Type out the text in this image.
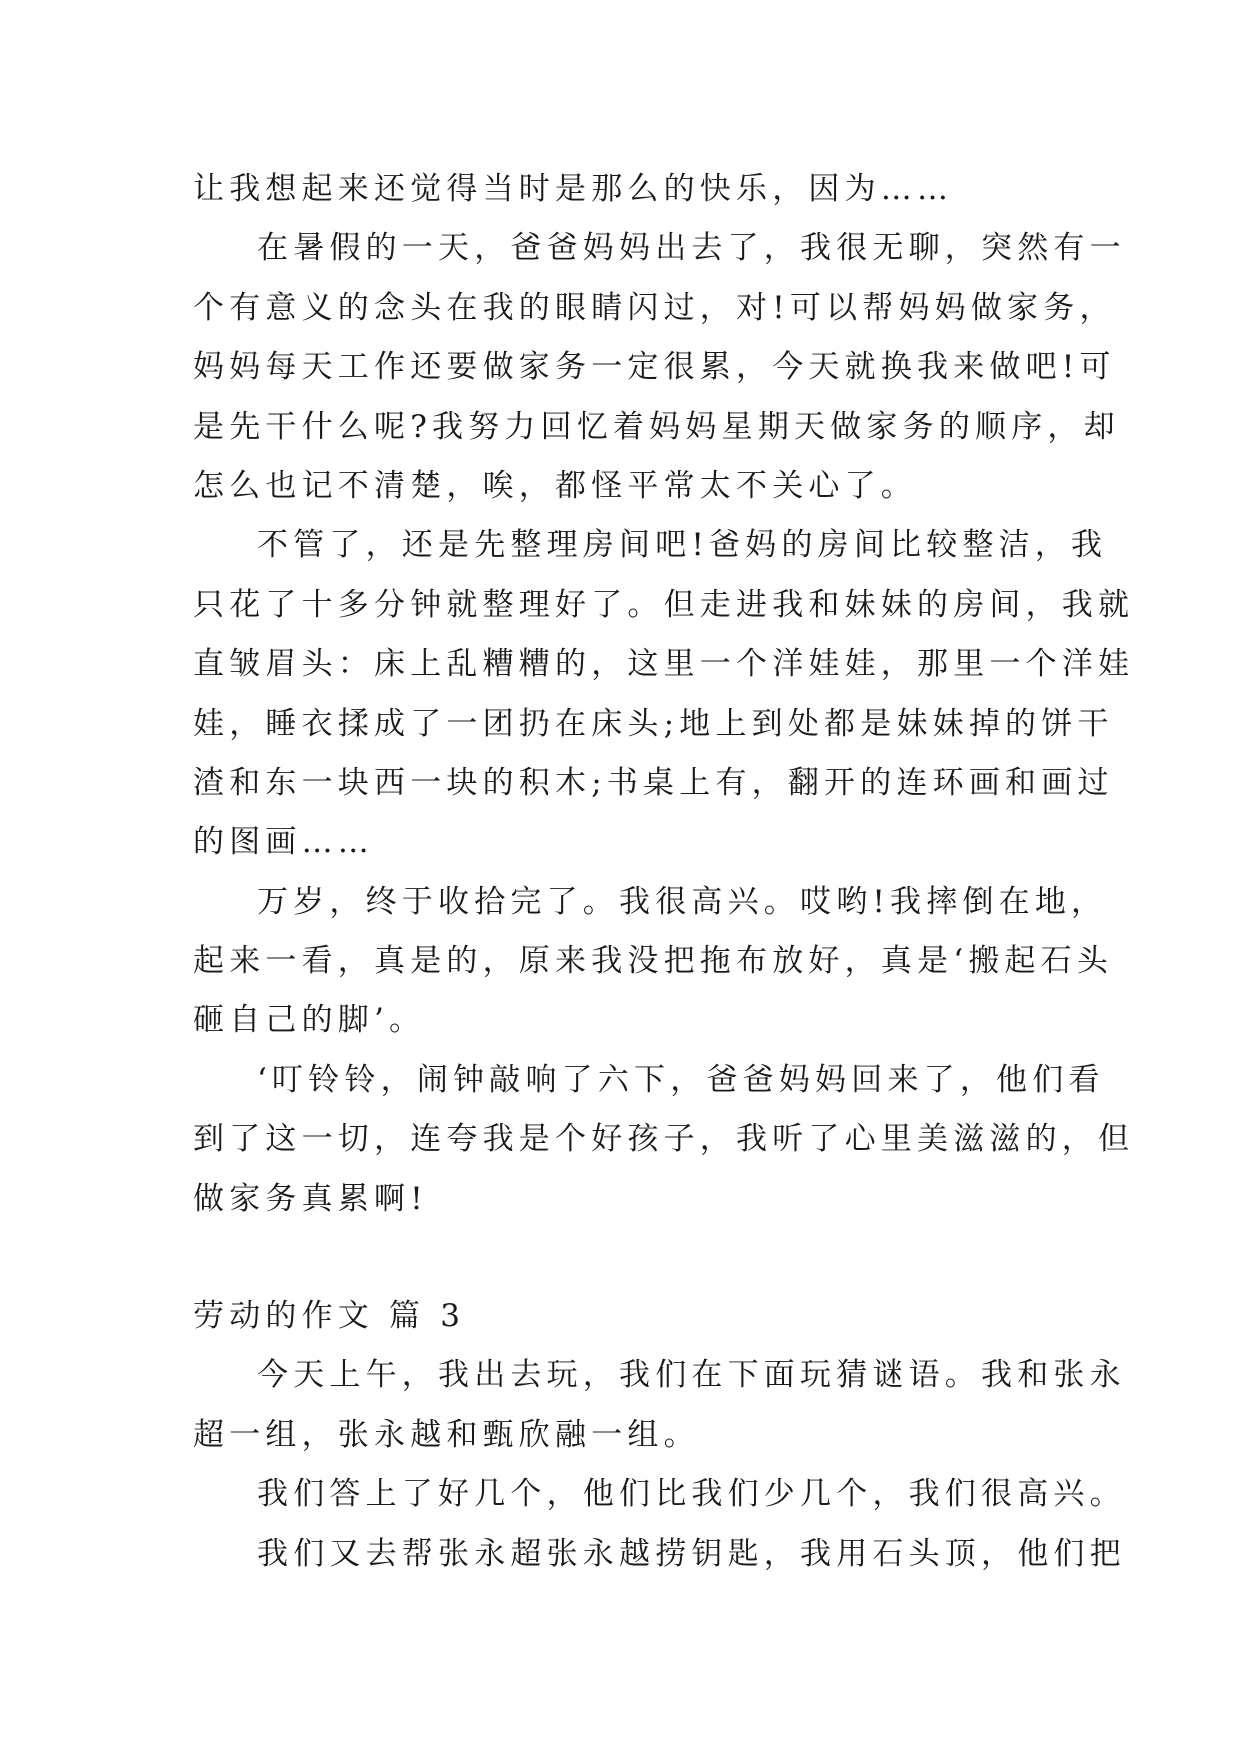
让我想起来还觉得当时是那么的快乐，因为……
在暑假的一天，爸爸妈妈出去了，我很无聊，突然有一
个有意义的念头在我的眼睛闪过，对!可以帮妈妈做家务，
妈妈每天工作还要做家务一定很累，今天就换我来做吧!可
是先干什么呢?我努力回忆着妈妈星期天做家务的顺序，却
怎么也记不清楚，唉，都怪平常太不关心了。
不管了，还是先整理房间吧!爸妈的房间比较整洁，我
只花了十多分钟就整理好了。但走进我和妹妹的房间，我就
直皱眉头：床上乱糟糟的，这里一个洋娃娃，那里一个洋娃
娃，睡衣揉成了一团扔在床头;地上到处都是妹妹掉的饼干
渣和东一块西一块的积木;书桌上有，翻开的连环画和画过
的图画……
万岁，终于收拾完了。我很高兴。哎哟!我摔倒在地，
起来一看，真是的，原来我没把拖布放好，真是‘搬起石头
砸自己的脚’。
‘叮铃铃，闹钟敲响了六下，爸爸妈妈回来了，他们看
到了这一切，连夸我是个好孩子，我听了心里美滋滋的，但
做家务真累啊!
劳动的作文 篇 3
今天上午，我出去玩，我们在下面玩猜谜语。我和张永
超一组，张永越和甄欣融一组。
我们答上了好几个，他们比我们少几个，我们很高兴。
我们又去帮张永超张永越捞钥匙，我用石头顶，他们把
